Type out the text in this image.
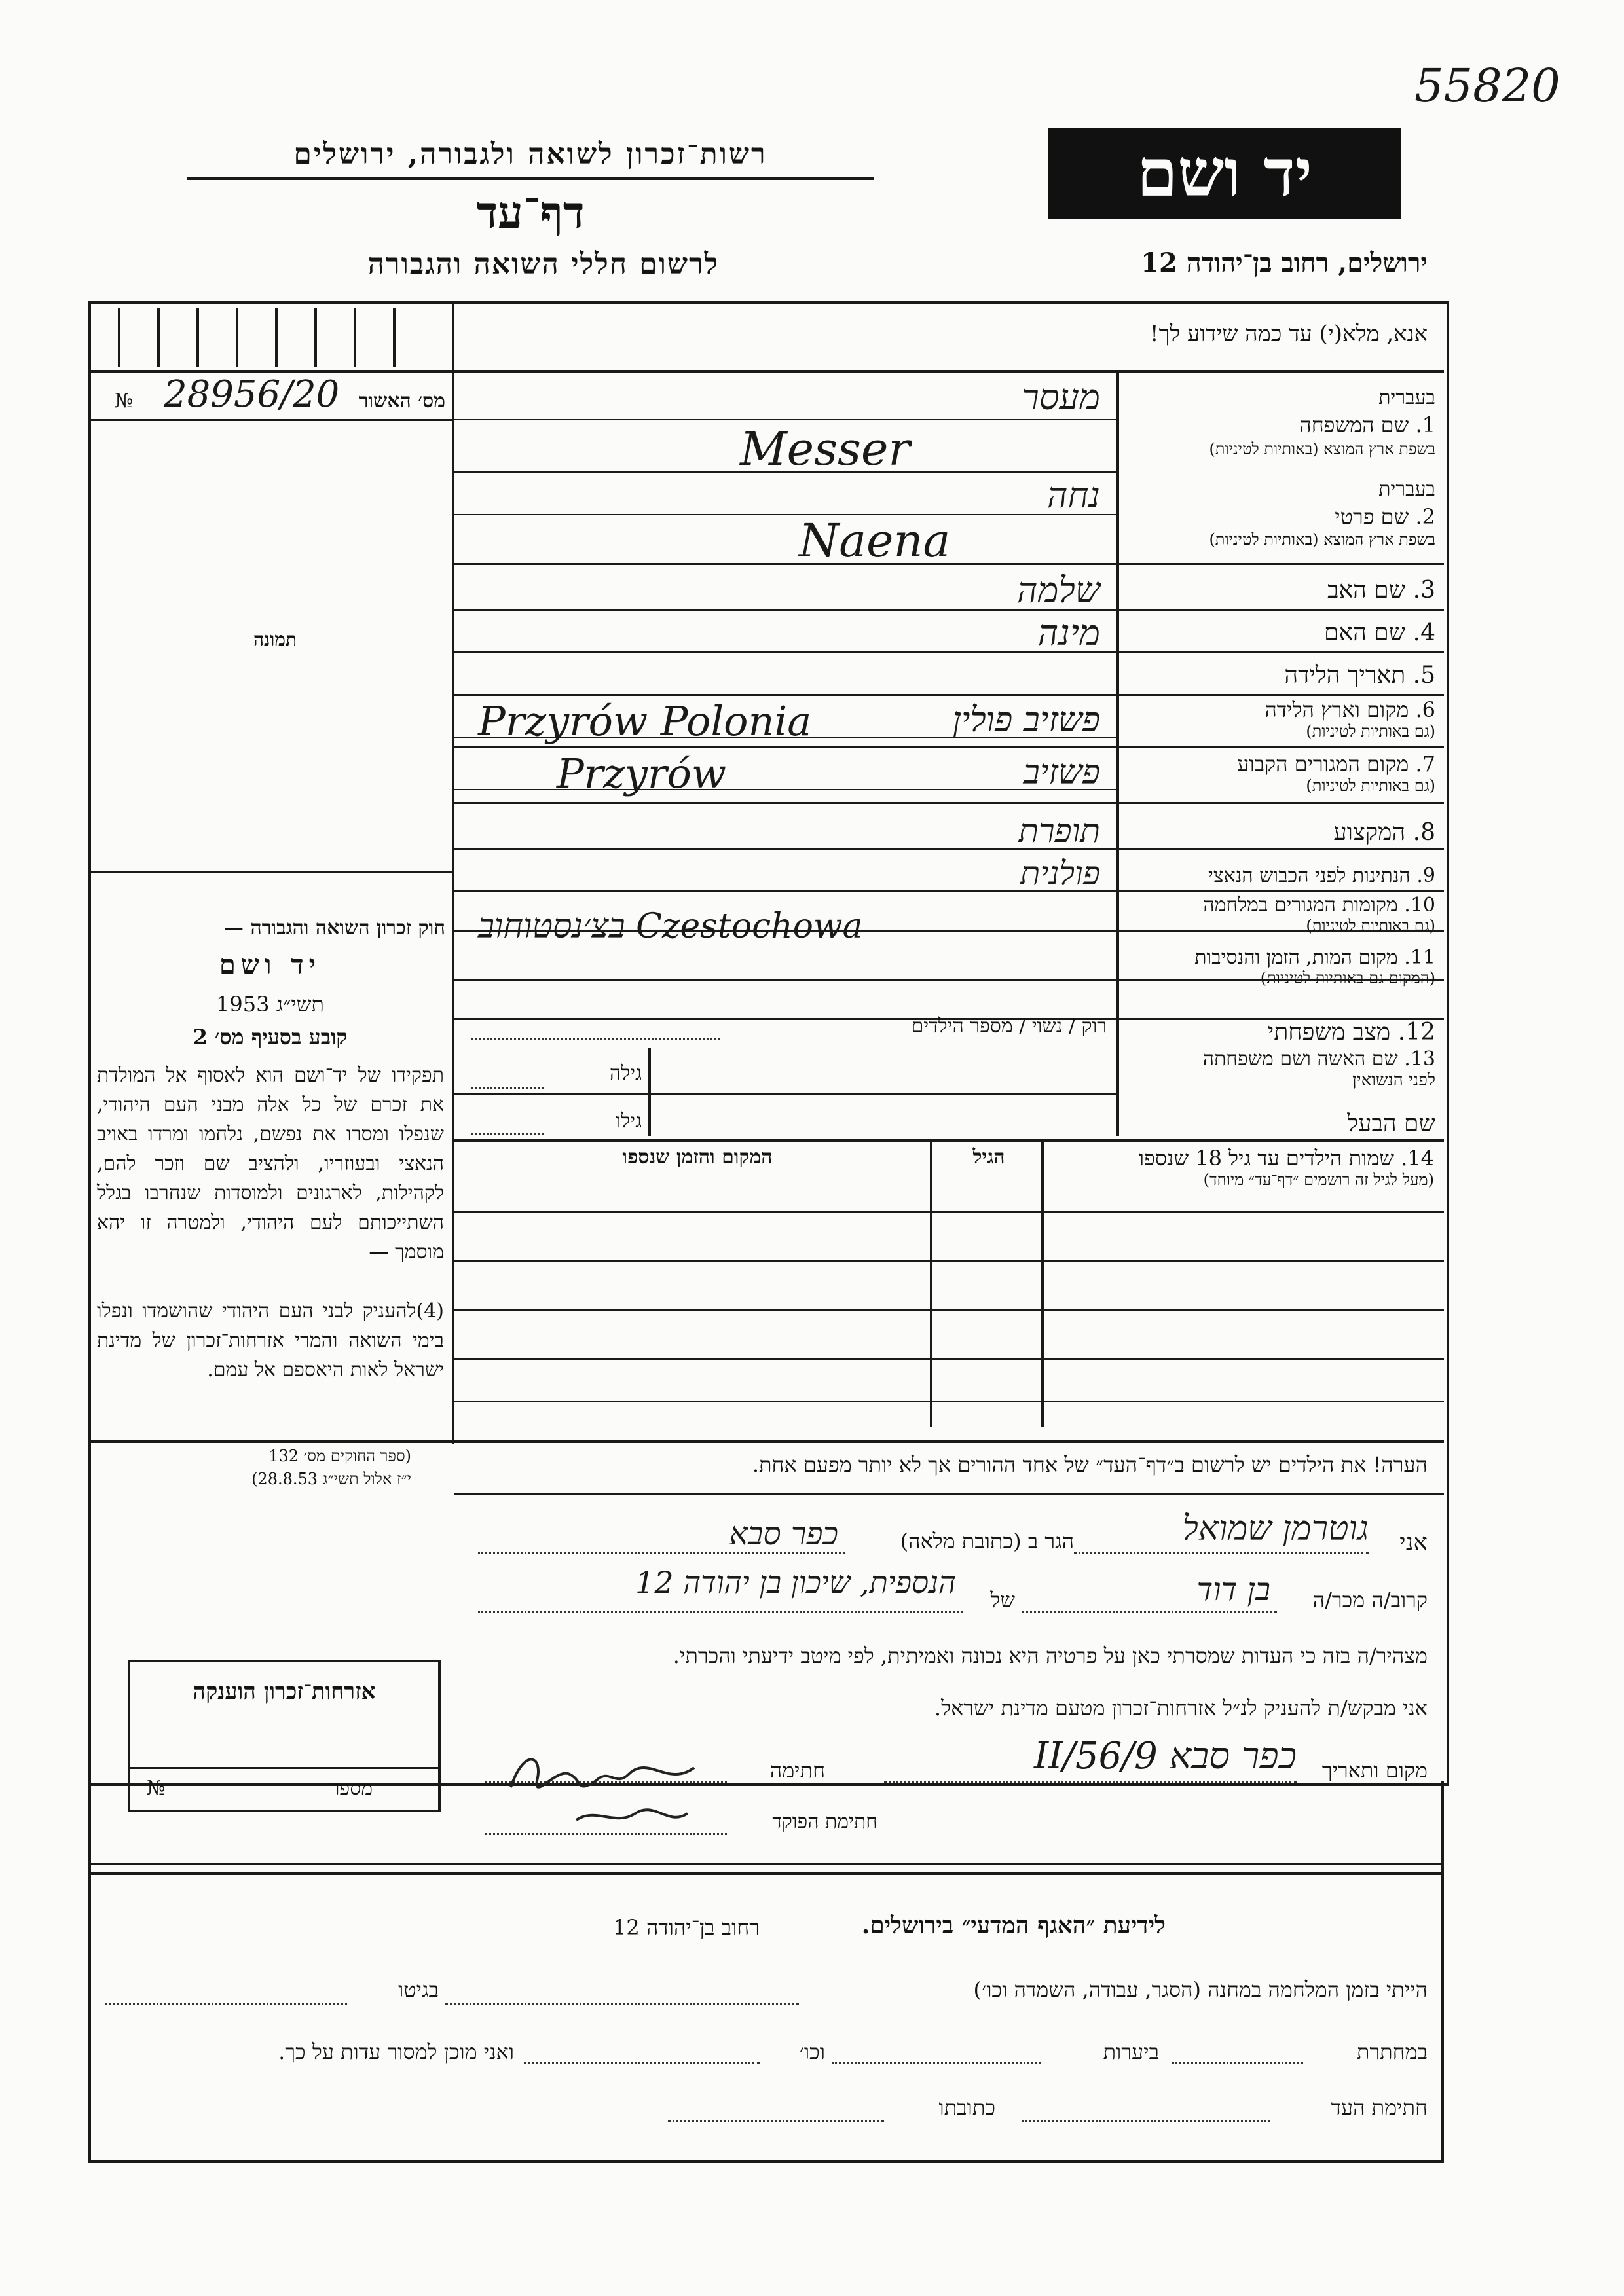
55820
רשות־זכרון לשואה ולגבורה, ירושלים
דף־עד
לרשום חללי השואה והגבורה
יד ושם
ירושלים, רחוב בן־יהודה 12
אנא, מלא(י) עד כמה שידוע לך!
מס׳ האשור
28956/20
№
תמונה
חוק זכרון השואה והגבורה —
יד ושם
תשי״ג 1953
קובע בסעיף מס׳ 2
תפקידו של יד־ושם הוא לאסוף אל המולדת את זכרם של כל אלה מבני העם היהודי, שנפלו ומסרו את נפשם, נלחמו ומרדו באויב הנאצי ובעוזריו, ולהציב שם וזכר להם, לקהילות, לארגונים ולמוסדות שנחרבו בגלל השתייכותם לעם היהודי, ולמטרה זו יהא מוסמך —
(4)להעניק לבני העם היהודי שהושמדו ונפלו בימי השואה והמרי אזרחות־זכרון של מדינת ישראל לאות היאספם אל עמם.
(ספר החוקים מס׳ 132
י״ז אלול תשי״ג 28.8.53)
בעברית
1. שם המשפחה
בשפת ארץ המוצא (באותיות לטיניות)
בעברית
2. שם פרטי
בשפת ארץ המוצא (באותיות לטיניות)
3. שם האב
4. שם האם
5. תאריך הלידה
6. מקום וארץ הלידה
(גם באותיות לטיניות)
7. מקום המגורים הקבוע
(גם באותיות לטיניות)
8. המקצוע
9. הנתינות לפני הכבוש הנאצי
10. מקומות המגורים במלחמה
(גם באותיות לטיניות)
11. מקום המות, הזמן והנסיבות
(המקום גם באותיות לטיניות)
12. מצב משפחתי
13. שם האשה ושם משפחתה
לפני הנשואין
שם הבעל
מעסר
Messer
נחה
Naena
שלמה
מינה
פשזיב פולין
Przyrów Polonia
פשזיב
Przyrów
תופרת
פולנית
בצ׳נסטוחוב Czestochowa
רוק / נשוי / מספר הילדים
גילה
גילו
14. שמות הילדים עד גיל 18 שנספו
(מעל לגיל זה רושמים ״דף־עד״ מיוחד)
הגיל
המקום והזמן שנספו
הערה! את הילדים יש לרשום ב״דף־העד״ של אחד ההורים אך לא יותר מפעם אחת.
אני
גוטרמן שמואל
הגר ב (כתובת מלאה)
כפר סבא
קרוב/ה מכר/ה
בן דוד
של
הנספית, שיכון בן יהודה 12
מצהיר/ה בזה כי העדות שמסרתי כאן על פרטיה היא נכונה ואמיתית, לפי מיטב ידיעתי והכרתי.
אני מבקש/ת להעניק לנ״ל אזרחות־זכרון מטעם מדינת ישראל.
מקום ותאריך
כפר סבא 9/II/56
חתימה
חתימת הפוקד
אזרחות־זכרון הוענקה
מספר
№
לידיעת ״האגף המדעי״ בירושלים.
רחוב בן־יהודה 12
הייתי בזמן המלחמה במחנה (הסגר, עבודה, השמדה וכו׳)
בגיטו
במחתרת
ביערות
וכו׳
ואני מוכן למסור עדות על כך.
חתימת העד
כתובתו
